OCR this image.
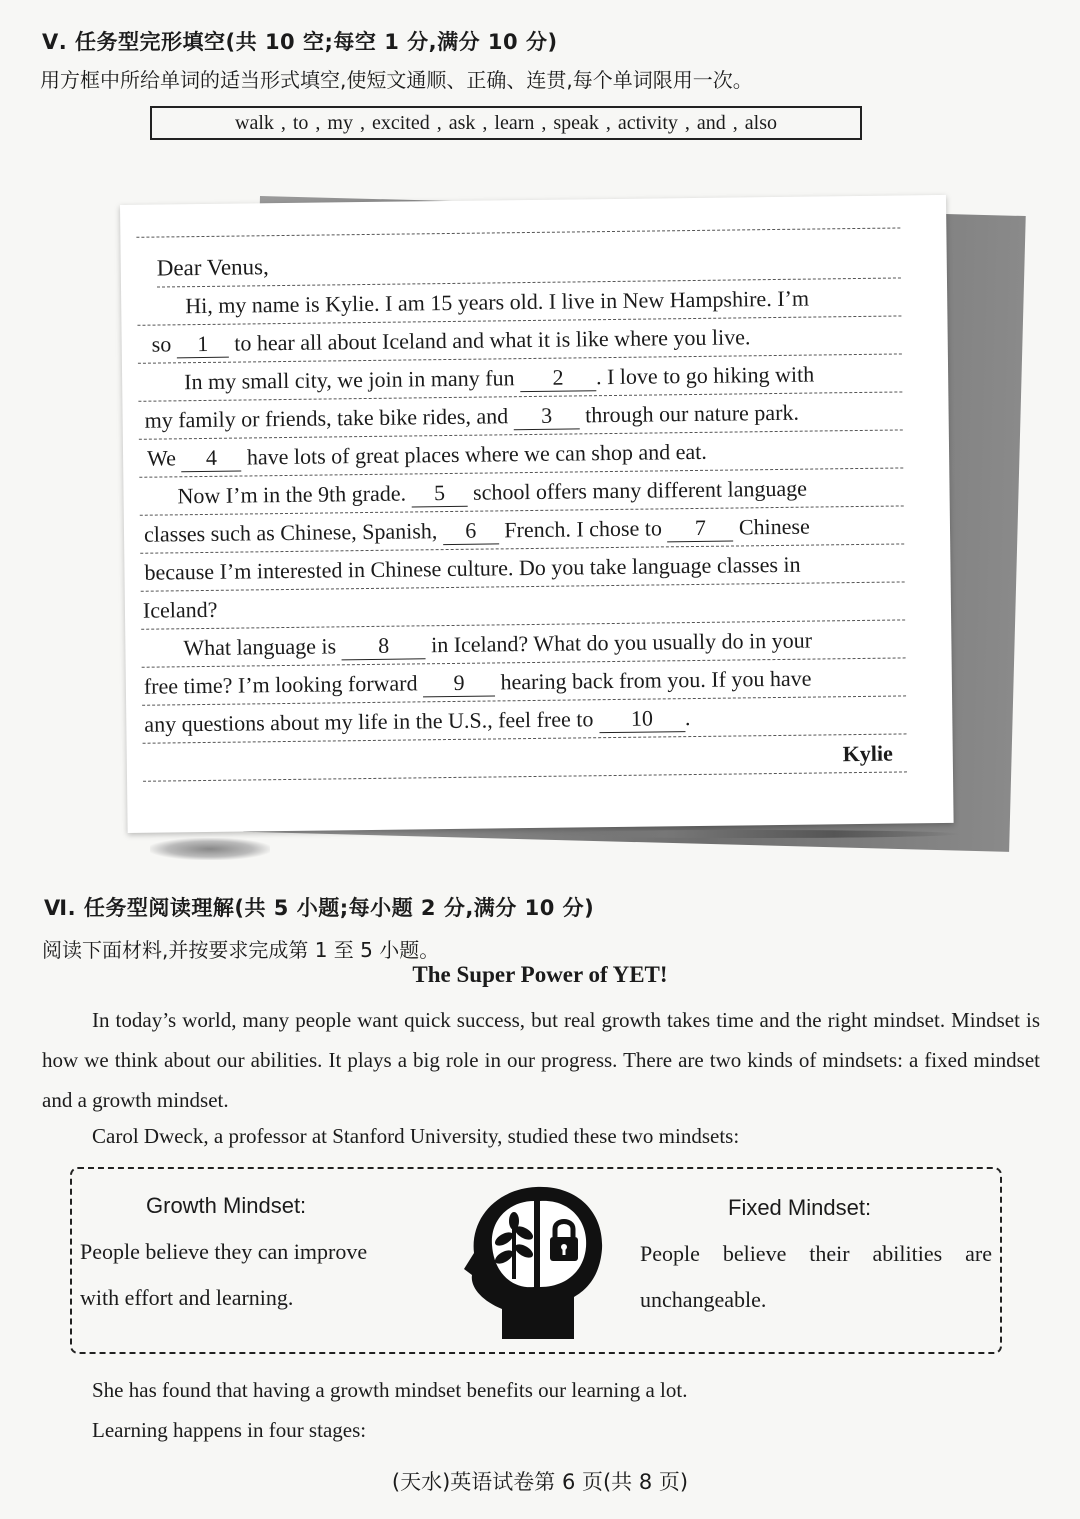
Ⅴ. 任务型完形填空(共 10 空;每空 1 分,满分 10 分)
用方框中所给单词的适当形式填空,使短文通顺、正确、连贯,每个单词限用一次。
walk , to , my , excited , ask , learn , speak , activity , and , also
Dear Venus,
Hi, my name is Kylie. I am 15 years old. I live in New Hampshire. I’m
so 1 to hear all about Iceland and what it is like where you live.
In my small city, we join in many fun 2 . I love to go hiking with
my family or friends, take bike rides, and 3 through our nature park.
We 4 have lots of great places where we can shop and eat.
Now I’m in the 9th grade. 5 school offers many different language
classes such as Chinese, Spanish, 6 French. I chose to 7 Chinese
because I’m interested in Chinese culture. Do you take language classes in
Iceland?
What language is 8 in Iceland? What do you usually do in your
free time? I’m looking forward 9 hearing back from you. If you have
any questions about my life in the U.S., feel free to 10 .
Kylie
Ⅵ. 任务型阅读理解(共 5 小题;每小题 2 分,满分 10 分)
阅读下面材料,并按要求完成第 1 至 5 小题。
The Super Power of YET!
In today’s world, many people want quick success, but real growth takes time and the right mindset. Mindset is how we think about our abilities. It plays a big role in our progress. There are two kinds of mindsets: a fixed mindset and a growth mindset.
Carol Dweck, a professor at Stanford University, studied these two mindsets:
Growth Mindset:
People believe they can improve
with effort and learning.
Fixed Mindset:
People believe their abilities are
unchangeable.
She has found that having a growth mindset benefits our learning a lot.
Learning happens in four stages:
(天水)英语试卷第 6 页(共 8 页)
